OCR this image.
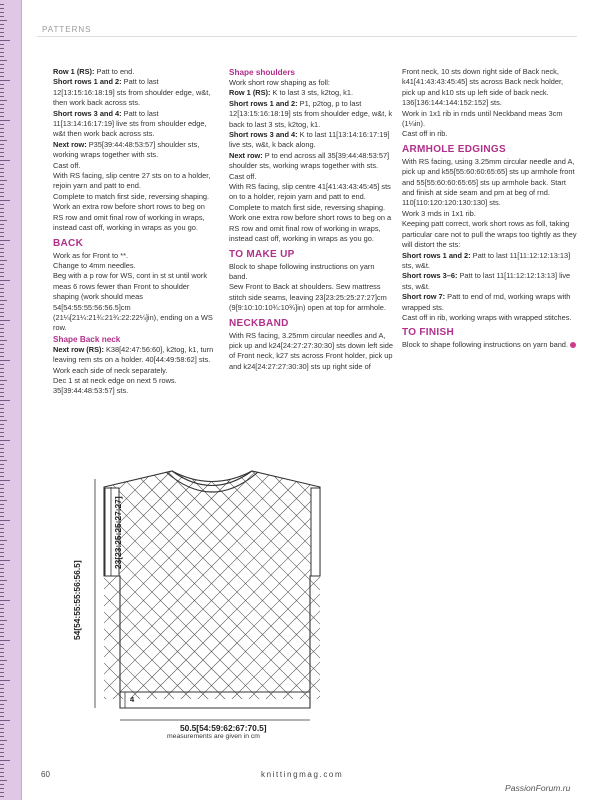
PATTERNS

Row 1 (RS): Patt to end.

Short rows 1 and 2: Patt to last 12[13:15:16:18:19] sts from shoulder edge, w&t, then work back across sts.

Short rows 3 and 4: Patt to last 11[13:14:16:17:19] live sts from shoulder edge, w&t then work back across sts.

Next row: P35[39:44:48:53:57] shoulder sts, working wraps together with sts.

Cast off.

With RS facing, slip centre 27 sts on to a holder, rejoin yarn and patt to end.

Complete to match first side, reversing shaping.

Work an extra row before short rows to beg on RS row and omit final row of working in wraps, instead cast off, working in wraps as you go.

BACK

Work as for Front to **.

Change to 4mm needles.

Beg with a p row for WS, cont in st st until work meas 6 rows fewer than Front to shoulder shaping (work should meas 54[54:55:55:56:56.5]cm (21¼[21¼:21¾:21¾:22:22¼]in), ending on a WS row.

Shape Back neck

Next row (RS): K38[42:47:56:60], k2tog, k1, turn leaving rem sts on a holder. 40[44:49:58:62] sts.

Work each side of neck separately.

Dec 1 st at neck edge on next 5 rows. 35[39:44:48:53:57] sts.

Shape shoulders

Work short row shaping as foll:

Row 1 (RS): K to last 3 sts, k2tog, k1.

Short rows 1 and 2: P1, p2tog, p to last 12[13:15:16:18:19] sts from shoulder edge, w&t, k back to last 3 sts, k2tog, k1.

Short rows 3 and 4: K to last 11[13:14:16:17:19] live sts, w&t, k back along.

Next row: P to end across all 35[39:44:48:53:57] shoulder sts, working wraps together with sts.

Cast off.

With RS facing, slip centre 41[41:43:43:45:45] sts on to a holder, rejoin yarn and patt to end.

Complete to match first side, reversing shaping. Work one extra row before short rows to beg on a RS row and omit final row of working in wraps, instead cast off, working in wraps as you go.

TO MAKE UP

Block to shape following instructions on yarn band.

Sew Front to Back at shoulders. Sew mattress stitch side seams, leaving 23[23:25:25:27:27]cm (9[9:10:10:10¾:10¾]in) open at top for armhole.

NECKBAND

With RS facing, 3.25mm circular needles and A, pick up and k24[24:27:27:30:30] sts down left side of Front neck, k27 sts across Front holder, pick up and k24[24:27:27:30:30] sts up right side of

Front neck, 10 sts down right side of Back neck, k41[41:43:43:45:45] sts across Back neck holder, pick up and k10 sts up left side of back neck.

136[136:144:144:152:152] sts.

Work in 1x1 rib in rnds until Neckband meas 3cm (1¼in).

Cast off in rib.

ARMHOLE EDGINGS

With RS facing, using 3.25mm circular needle and A, pick up and k55[55:60:60:65:65] sts up armhole front and 55[55:60:60:65:65] sts up armhole back. Start and finish at side seam and pm at beg of rnd. 110[110:120:120:130:130] sts.

Work 3 rnds in 1x1 rib.

Keeping patt correct, work short rows as foll, taking particular care not to pull the wraps too tightly as they will distort the sts:

Short rows 1 and 2: Patt to last 11[11:12:12:13:13] sts, w&t.

Short rows 3–6: Patt to last 11[11:12:12:13:13] live sts, w&t.

Short row 7: Patt to end of rnd, working wraps with wrapped sts.

Cast off in rib, working wraps with wrapped stitches.

TO FINISH

Block to shape following instructions on yarn band.

54[54:55:55:56:56.5]
23[23:25:25:27:27]
4
50.5[54:59:62:67:70.5]
measurements are given in cm
60	knittingmag.com
PassionForum.ru
